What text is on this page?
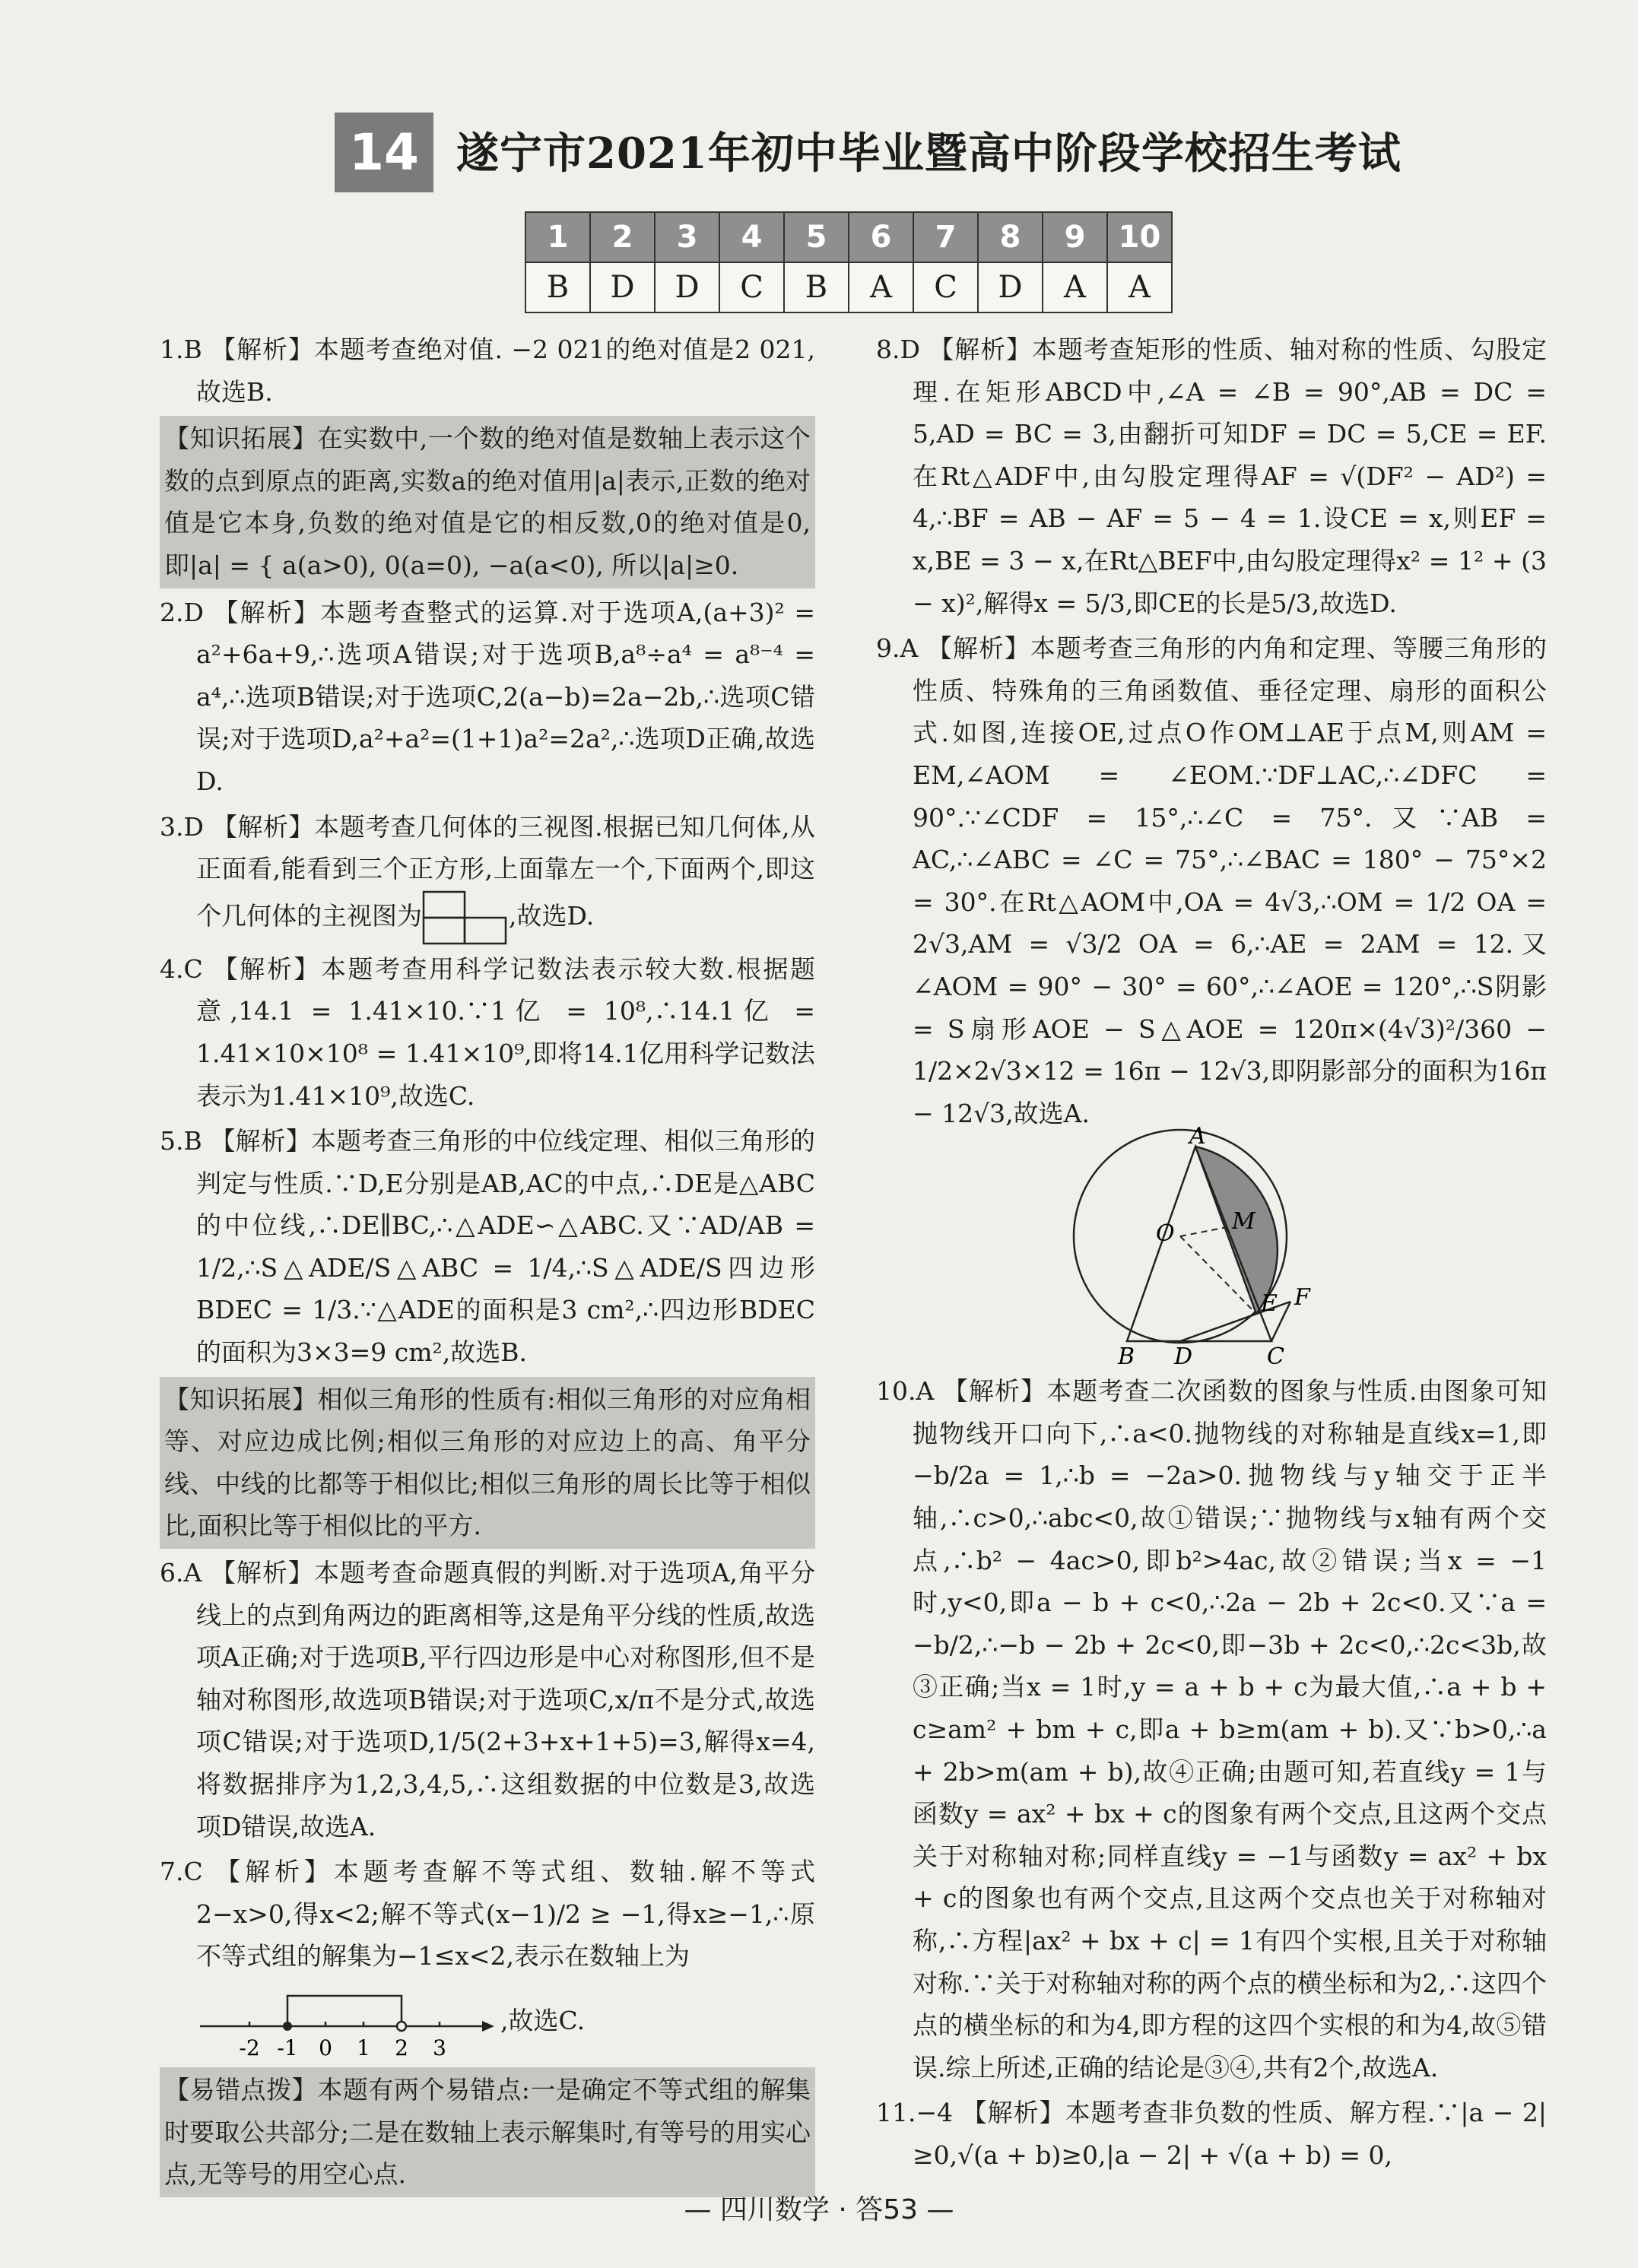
14 遂宁市2021年初中毕业暨高中阶段学校招生考试
1	2	3	4	5	6	7	8	9	10
B	D	D	C	B	A	C	D	A	A

1.B 【解析】本题考查绝对值. −2 021的绝对值是2 021,故选B.

【知识拓展】在实数中,一个数的绝对值是数轴上表示这个数的点到原点的距离,实数a的绝对值用|a|表示,正数的绝对值是它本身,负数的绝对值是它的相反数,0的绝对值是0,即|a| = { a(a>0), 0(a=0), −a(a<0), 所以|a|≥0.

2.D 【解析】本题考查整式的运算.对于选项A,(a+3)² = a²+6a+9,∴选项A错误;对于选项B,a⁸÷a⁴ = a⁸⁻⁴ = a⁴,∴选项B错误;对于选项C,2(a−b)=2a−2b,∴选项C错误;对于选项D,a²+a²=(1+1)a²=2a²,∴选项D正确,故选D.

3.D 【解析】本题考查几何体的三视图.根据已知几何体,从正面看,能看到三个正方形,上面靠左一个,下面两个,即这个几何体的主视图为	,故选D.

4.C 【解析】本题考查用科学记数法表示较大数.根据题意,14.1 = 1.41×10.∵1亿 = 10⁸,∴14.1亿 = 1.41×10×10⁸ = 1.41×10⁹,即将14.1亿用科学记数法表示为1.41×10⁹,故选C.

5.B 【解析】本题考查三角形的中位线定理、相似三角形的判定与性质.∵D,E分别是AB,AC的中点,∴DE是△ABC的中位线,∴DE∥BC,∴△ADE∽△ABC.又∵AD/AB = 1/2,∴S△ADE/S△ABC = 1/4,∴S△ADE/S四边形BDEC = 1/3.∵△ADE的面积是3 cm²,∴四边形BDEC的面积为3×3=9 cm²,故选B.

【知识拓展】相似三角形的性质有:相似三角形的对应角相等、对应边成比例;相似三角形的对应边上的高、角平分线、中线的比都等于相似比;相似三角形的周长比等于相似比,面积比等于相似比的平方.

6.A 【解析】本题考查命题真假的判断.对于选项A,角平分线上的点到角两边的距离相等,这是角平分线的性质,故选项A正确;对于选项B,平行四边形是中心对称图形,但不是轴对称图形,故选项B错误;对于选项C,x/π不是分式,故选项C错误;对于选项D,1/5(2+3+x+1+5)=3,解得x=4,将数据排序为1,2,3,4,5,∴这组数据的中位数是3,故选项D错误,故选A.

7.C 【解析】本题考查解不等式组、数轴.解不等式2−x>0,得x<2;解不等式(x−1)/2 ≥ −1,得x≥−1,∴原不等式组的解集为−1≤x<2,表示在数轴上为

-2 -1 0 1 2 3
,故选C.

【易错点拨】本题有两个易错点:一是确定不等式组的解集时要取公共部分;二是在数轴上表示解集时,有等号的用实心点,无等号的用空心点.

8.D 【解析】本题考查矩形的性质、轴对称的性质、勾股定理.在矩形ABCD中,∠A = ∠B = 90°,AB = DC = 5,AD = BC = 3,由翻折可知DF = DC = 5,CE = EF.在Rt△ADF中,由勾股定理得AF = √(DF² − AD²) = 4,∴BF = AB − AF = 5 − 4 = 1.设CE = x,则EF = x,BE = 3 − x,在Rt△BEF中,由勾股定理得x² = 1² + (3 − x)²,解得x = 5/3,即CE的长是5/3,故选D.

9.A 【解析】本题考查三角形的内角和定理、等腰三角形的性质、特殊角的三角函数值、垂径定理、扇形的面积公式.如图,连接OE,过点O作OM⊥AE于点M,则AM = EM,∠AOM = ∠EOM.∵DF⊥AC,∴∠DFC = 90°.∵∠CDF = 15°,∴∠C = 75°.又∵AB = AC,∴∠ABC = ∠C = 75°,∴∠BAC = 180° − 75°×2 = 30°.在Rt△AOM中,OA = 4√3,∴OM = 1/2 OA = 2√3,AM = √3/2 OA = 6,∴AE = 2AM = 12.又∠AOM = 90° − 30° = 60°,∴∠AOE = 120°,∴S阴影 = S扇形AOE − S△AOE = 120π×(4√3)²/360 − 1/2×2√3×12 = 16π − 12√3,即阴影部分的面积为16π − 12√3,故选A.

A
M
O
E F
B D	C

10.A 【解析】本题考查二次函数的图象与性质.由图象可知抛物线开口向下,∴a<0.抛物线的对称轴是直线x=1,即−b/2a = 1,∴b = −2a>0.抛物线与y轴交于正半轴,∴c>0,∴abc<0,故①错误;∵抛物线与x轴有两个交点,∴b² − 4ac>0,即b²>4ac,故②错误;当x = −1时,y<0,即a − b + c<0,∴2a − 2b + 2c<0.又∵a = −b/2,∴−b − 2b + 2c<0,即−3b + 2c<0,∴2c<3b,故③正确;当x = 1时,y = a + b + c为最大值,∴a + b + c≥am² + bm + c,即a + b≥m(am + b).又∵b>0,∴a + 2b>m(am + b),故④正确;由题可知,若直线y = 1与函数y = ax² + bx + c的图象有两个交点,且这两个交点关于对称轴对称;同样直线y = −1与函数y = ax² + bx + c的图象也有两个交点,且这两个交点也关于对称轴对称,∴方程|ax² + bx + c| = 1有四个实根,且关于对称轴对称.∵关于对称轴对称的两个点的横坐标和为2,∴这四个点的横坐标的和为4,即方程的这四个实根的和为4,故⑤错误.综上所述,正确的结论是③④,共有2个,故选A.

11.−4 【解析】本题考查非负数的性质、解方程.∵|a − 2|≥0,√(a + b)≥0,|a − 2| + √(a + b) = 0,

— 四川数学 · 答53 —
